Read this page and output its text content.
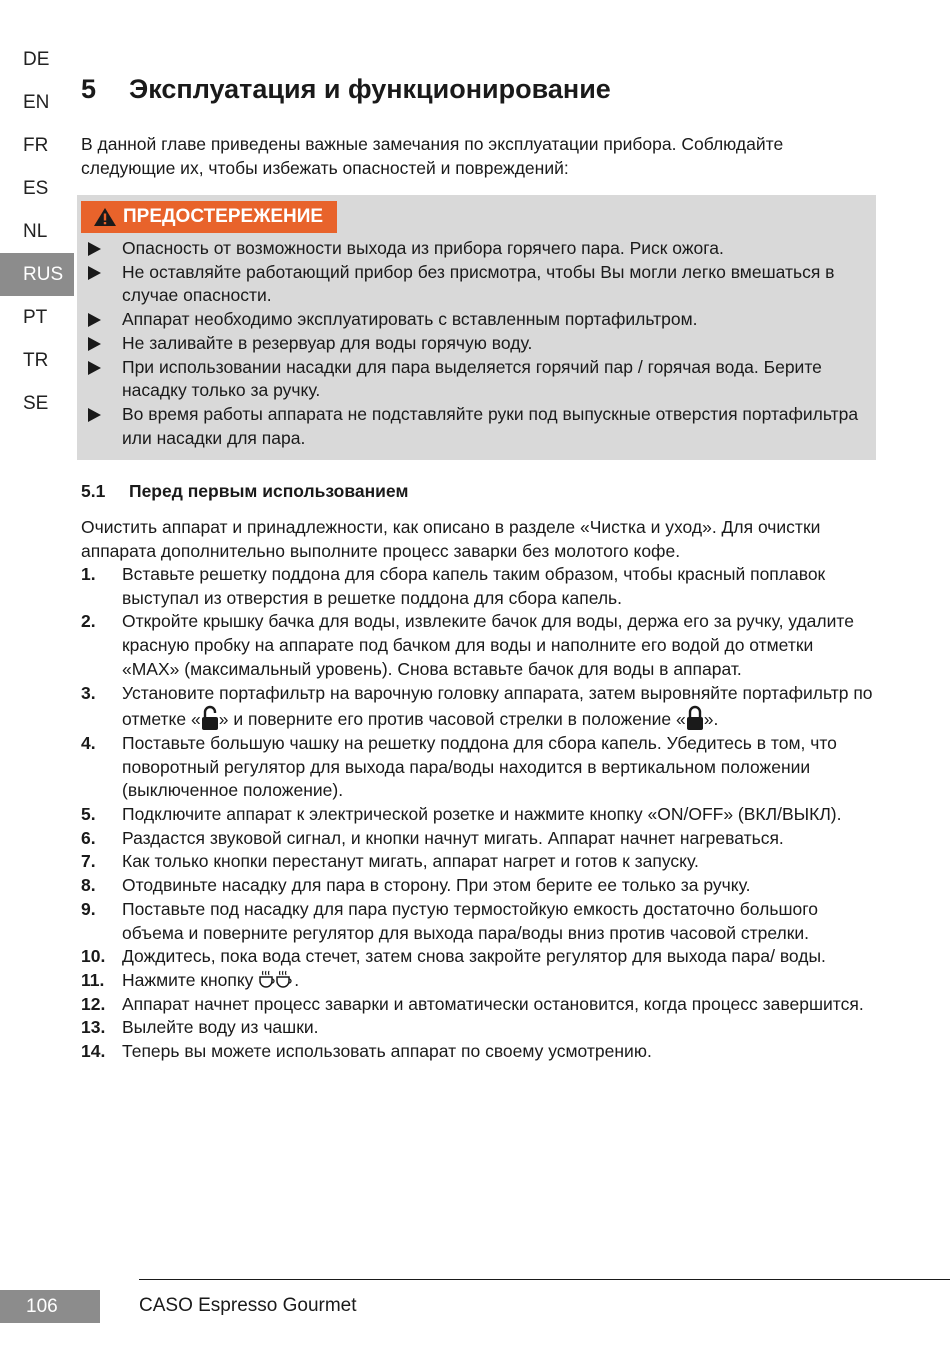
DE
EN
FR
ES
NL
RUS
PT
TR
SE
5 Эксплуатация и функционирование

В данной главе приведены важные замечания по эксплуатации прибора. Соблюдайте следующие их, чтобы избежать опасностей и повреждений:

ПРЕДОСТЕРЕЖЕНИЕ
Опасность от возможности выхода из прибора горячего пара. Риск ожога.
Не оставляйте работающий прибор без присмотра, чтобы Вы могли легко вмешаться в случае опасности.
Аппарат необходимо эксплуатировать с вставленным портафильтром.
Не заливайте в резервуар для воды горячую воду.
При использовании насадки для пара выделяется горячий пар / горячая вода. Берите насадку только за ручку.
Во время работы аппарата не подставляйте руки под выпускные отверстия портафильтра или насадки для пара.
5.1 Перед первым использованием

Очистить аппарат и принадлежности, как описано в разделе «Чистка и уход». Для очистки аппарата дополнительно выполните процесс заварки без молотого кофе.

1. Вставьте решетку поддона для сбора капель таким образом, чтобы красный поплавок выступал из отверстия в решетке поддона для сбора капель.
2. Откройте крышку бачка для воды, извлеките бачок для воды, держа его за ручку, удалите красную пробку на аппарате под бачком для воды и наполните его водой до отметки «MAX» (максимальный уровень). Снова вставьте бачок для воды в аппарат.
3. Установите портафильтр на варочную головку аппарата, затем выровняйте портафильтр по отметке « » и поверните его против часовой стрелки в положение « ».
4. Поставьте большую чашку на решетку поддона для сбора капель. Убедитесь в том, что поворотный регулятор для выхода пара/воды находится в вертикальном положении (выключенное положение).
5. Подключите аппарат к электрической розетке и нажмите кнопку «ON/OFF» (ВКЛ/ВЫКЛ).
6. Раздастся звуковой сигнал, и кнопки начнут мигать. Аппарат начнет нагреваться.
7. Как только кнопки перестанут мигать, аппарат нагрет и готов к запуску.
8. Отодвиньте насадку для пара в сторону. При этом берите ее только за ручку.
9. Поставьте под насадку для пара пустую термостойкую емкость достаточно большого объема и поверните регулятор для выхода пара/воды вниз против часовой стрелки.
10. Дождитесь, пока вода стечет, затем снова закройте регулятор для выхода пара/ воды.
11. Нажмите кнопку .
12. Аппарат начнет процесс заварки и автоматически остановится, когда процесс завершится.
13. Вылейте воду из чашки.
14. Теперь вы можете использовать аппарат по своему усмотрению.
106	CASO Espresso Gourmet
